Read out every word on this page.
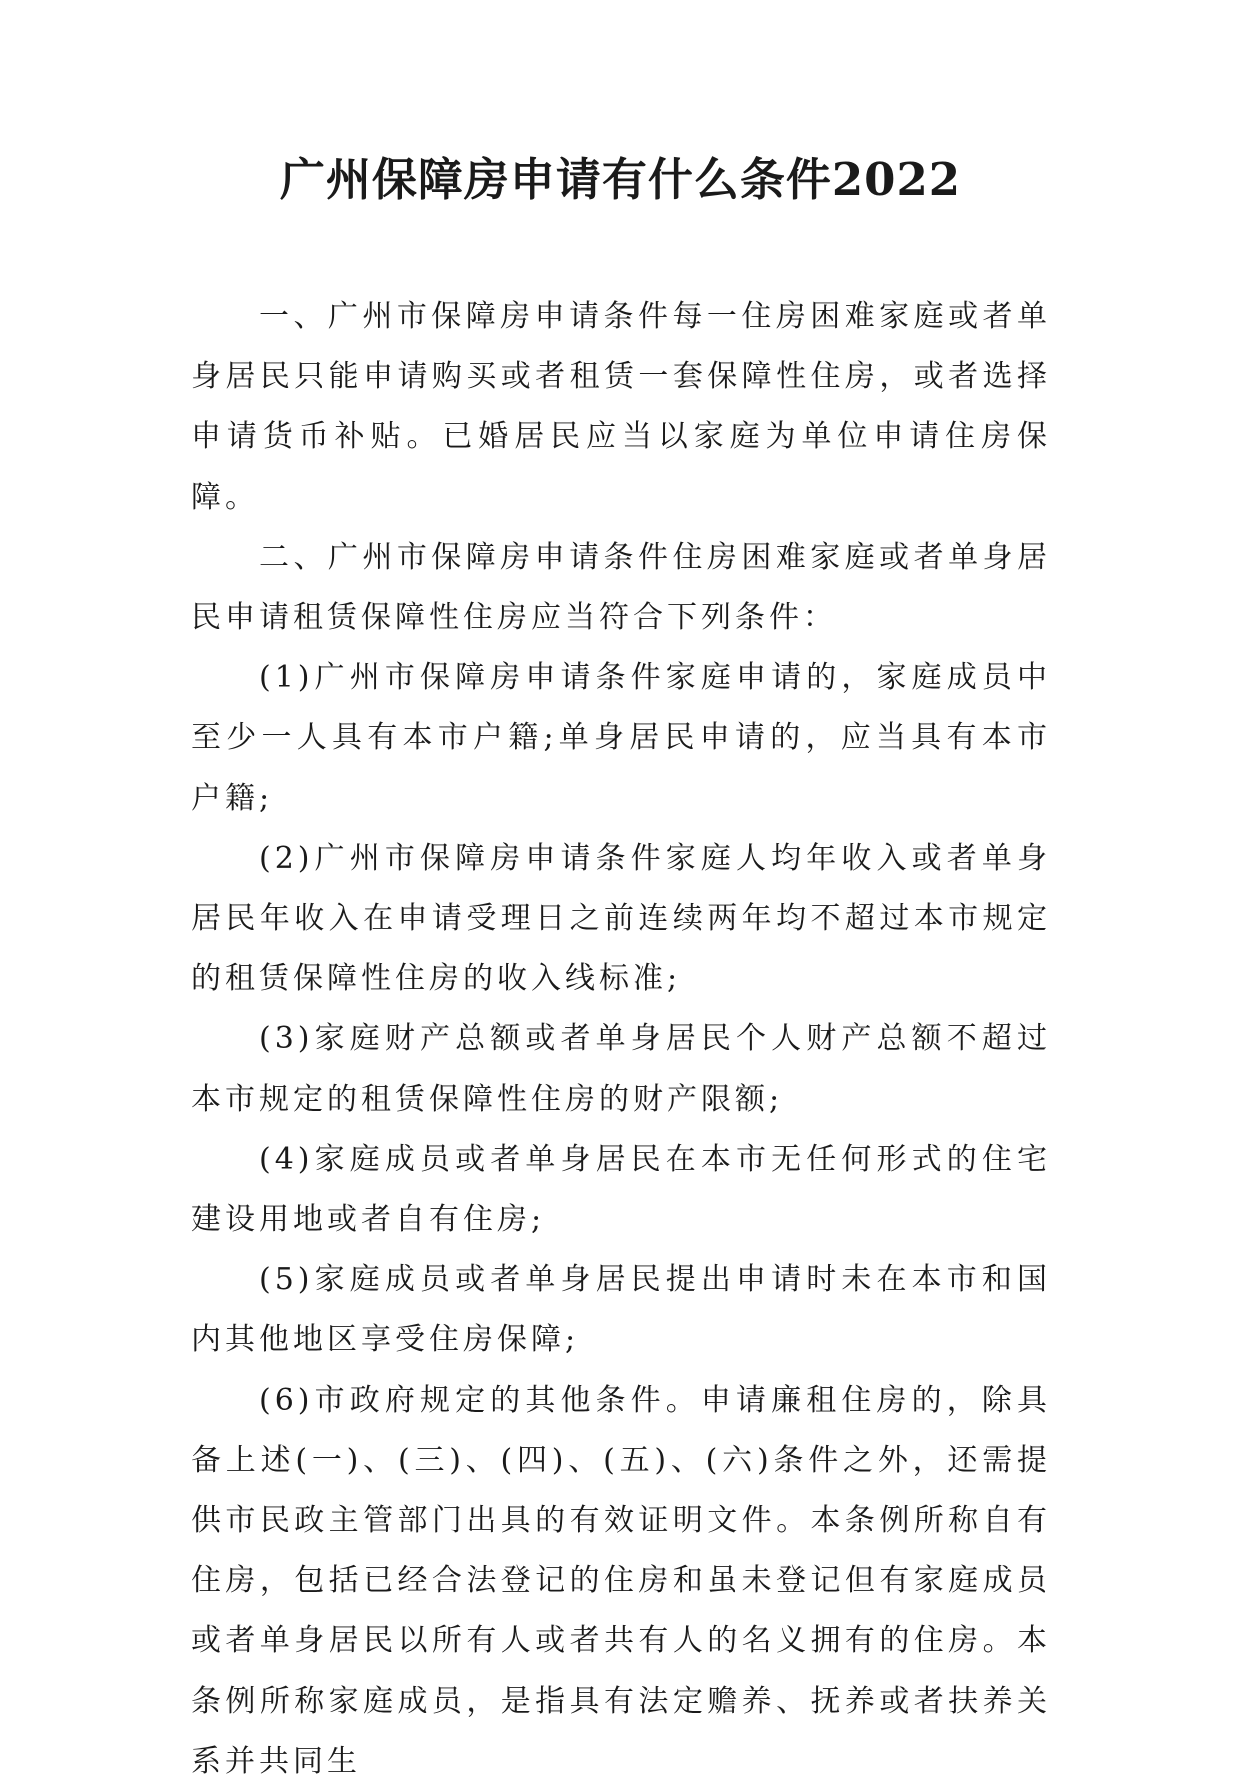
广州保障房申请有什么条件2022

一、广州市保障房申请条件每一住房困难家庭或者单身居民只能申请购买或者租赁一套保障性住房，或者选择申请货币补贴。已婚居民应当以家庭为单位申请住房保障。

二、广州市保障房申请条件住房困难家庭或者单身居民申请租赁保障性住房应当符合下列条件：

(1)广州市保障房申请条件家庭申请的，家庭成员中至少一人具有本市户籍;单身居民申请的，应当具有本市户籍;

(2)广州市保障房申请条件家庭人均年收入或者单身居民年收入在申请受理日之前连续两年均不超过本市规定的租赁保障性住房的收入线标准;

(3)家庭财产总额或者单身居民个人财产总额不超过本市规定的租赁保障性住房的财产限额;

(4)家庭成员或者单身居民在本市无任何形式的住宅建设用地或者自有住房;

(5)家庭成员或者单身居民提出申请时未在本市和国内其他地区享受住房保障;

(6)市政府规定的其他条件。申请廉租住房的，除具备上述(一)、(三)、(四)、(五)、(六)条件之外，还需提供市民政主管部门出具的有效证明文件。本条例所称自有住房，包括已经合法登记的住房和虽未登记但有家庭成员或者单身居民以所有人或者共有人的名义拥有的住房。本条例所称家庭成员，是指具有法定赡养、抚养或者扶养关系并共同生
